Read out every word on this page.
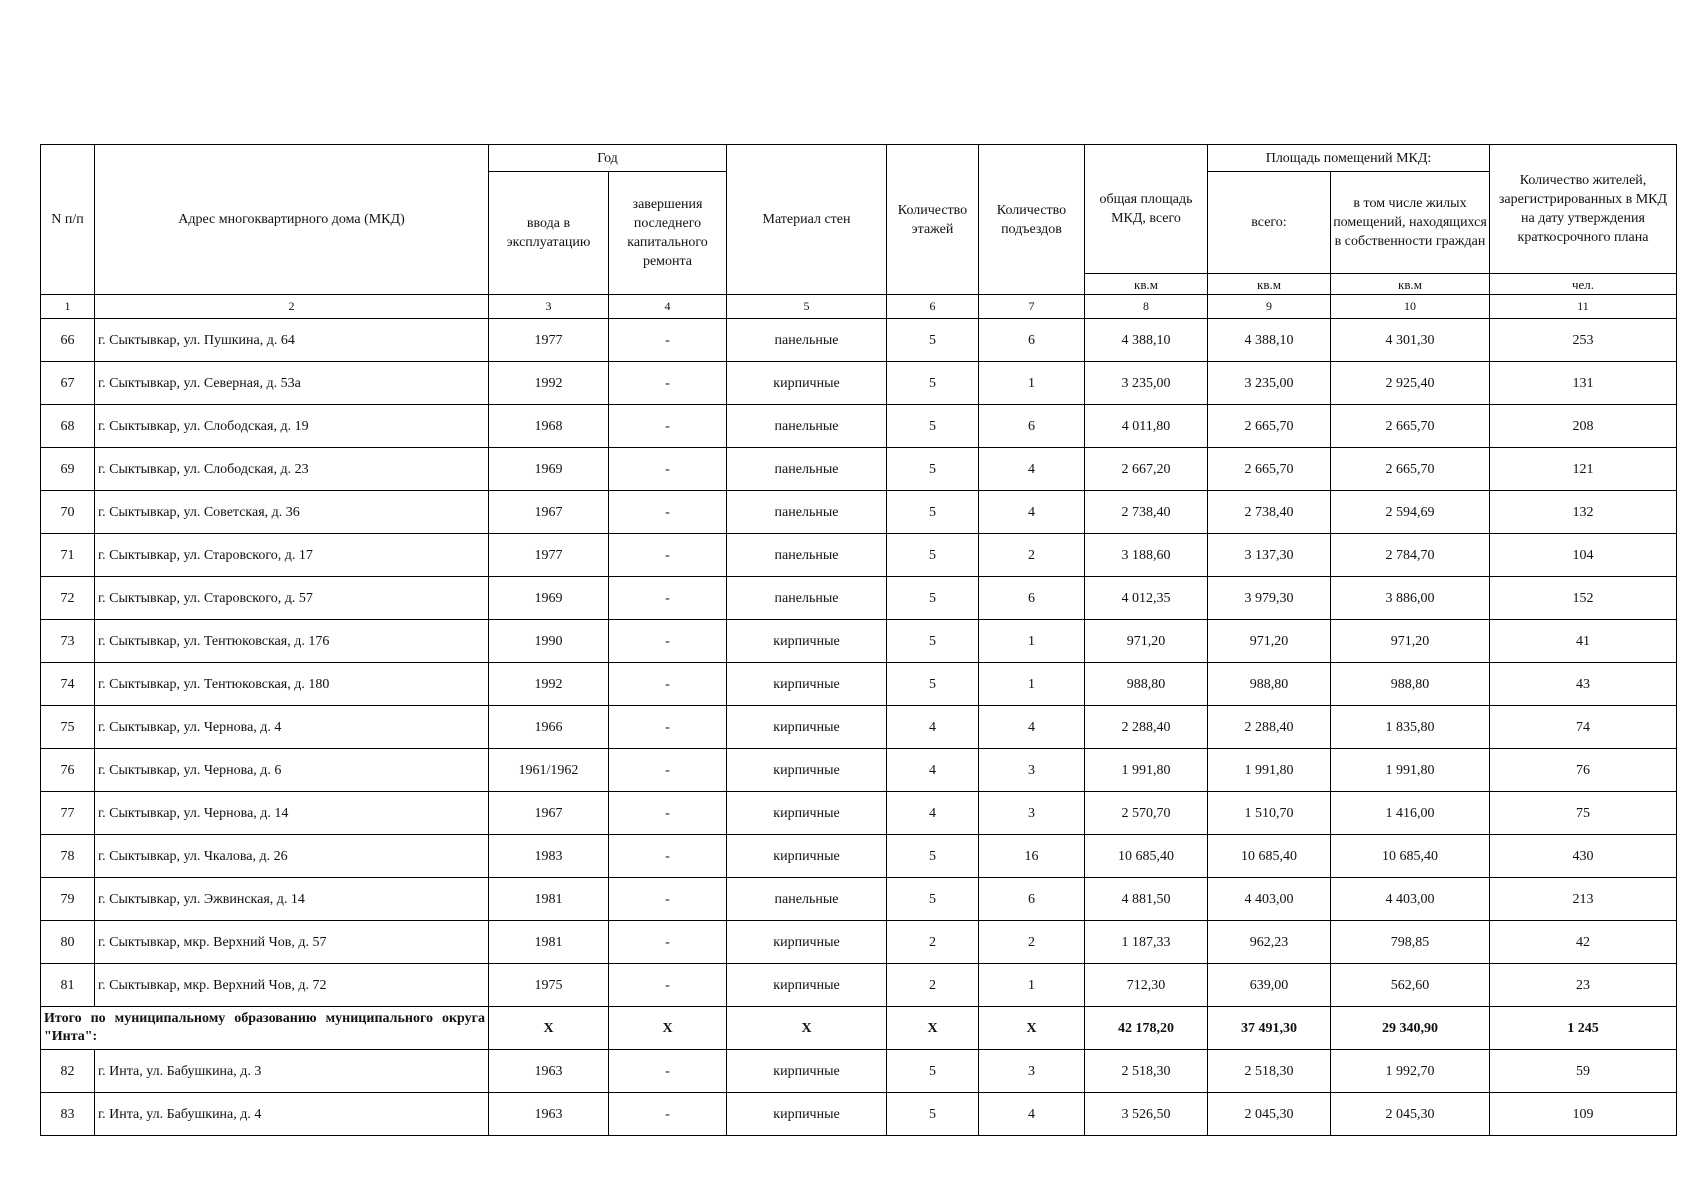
N п/п	Адрес многоквартирного дома (МКД)	Год		Материал стен	Количество этажей	Количество подъездов	общая площадь МКД, всего	Площадь помещений МКД:		Количество жителей, зарегистрированных в МКД на дату утверждения краткосрочного плана
		ввода в эксплуатацию	завершения последнего капитального ремонта					всего:	в том числе жилых помещений, находящихся в собственности граждан	
							кв.м	кв.м	кв.м	чел.
1	2	3	4	5	6	7	8	9	10	11
66	г. Сыктывкар, ул. Пушкина, д. 64	1977	-	панельные	5	6	4 388,10	4 388,10	4 301,30	253
67	г. Сыктывкар, ул. Северная, д. 53а	1992	-	кирпичные	5	1	3 235,00	3 235,00	2 925,40	131
68	г. Сыктывкар, ул. Слободская, д. 19	1968	-	панельные	5	6	4 011,80	2 665,70	2 665,70	208
69	г. Сыктывкар, ул. Слободская, д. 23	1969	-	панельные	5	4	2 667,20	2 665,70	2 665,70	121
70	г. Сыктывкар, ул. Советская, д. 36	1967	-	панельные	5	4	2 738,40	2 738,40	2 594,69	132
71	г. Сыктывкар, ул. Старовского, д. 17	1977	-	панельные	5	2	3 188,60	3 137,30	2 784,70	104
72	г. Сыктывкар, ул. Старовского, д. 57	1969	-	панельные	5	6	4 012,35	3 979,30	3 886,00	152
73	г. Сыктывкар, ул. Тентюковская, д. 176	1990	-	кирпичные	5	1	971,20	971,20	971,20	41
74	г. Сыктывкар, ул. Тентюковская, д. 180	1992	-	кирпичные	5	1	988,80	988,80	988,80	43
75	г. Сыктывкар, ул. Чернова, д. 4	1966	-	кирпичные	4	4	2 288,40	2 288,40	1 835,80	74
76	г. Сыктывкар, ул. Чернова, д. 6	1961/1962	-	кирпичные	4	3	1 991,80	1 991,80	1 991,80	76
77	г. Сыктывкар, ул. Чернова, д. 14	1967	-	кирпичные	4	3	2 570,70	1 510,70	1 416,00	75
78	г. Сыктывкар, ул. Чкалова, д. 26	1983	-	кирпичные	5	16	10 685,40	10 685,40	10 685,40	430
79	г. Сыктывкар, ул. Эжвинская, д. 14	1981	-	панельные	5	6	4 881,50	4 403,00	4 403,00	213
80	г. Сыктывкар, мкр. Верхний Чов, д. 57	1981	-	кирпичные	2	2	1 187,33	962,23	798,85	42
81	г. Сыктывкар, мкр. Верхний Чов, д. 72	1975	-	кирпичные	2	1	712,30	639,00	562,60	23
Итого по муниципальному образованию муниципального округа "Инта":		X	X	X	X	X	42 178,20	37 491,30	29 340,90	1 245
82	г. Инта, ул. Бабушкина, д. 3	1963	-	кирпичные	5	3	2 518,30	2 518,30	1 992,70	59
83	г. Инта, ул. Бабушкина, д. 4	1963	-	кирпичные	5	4	3 526,50	2 045,30	2 045,30	109
